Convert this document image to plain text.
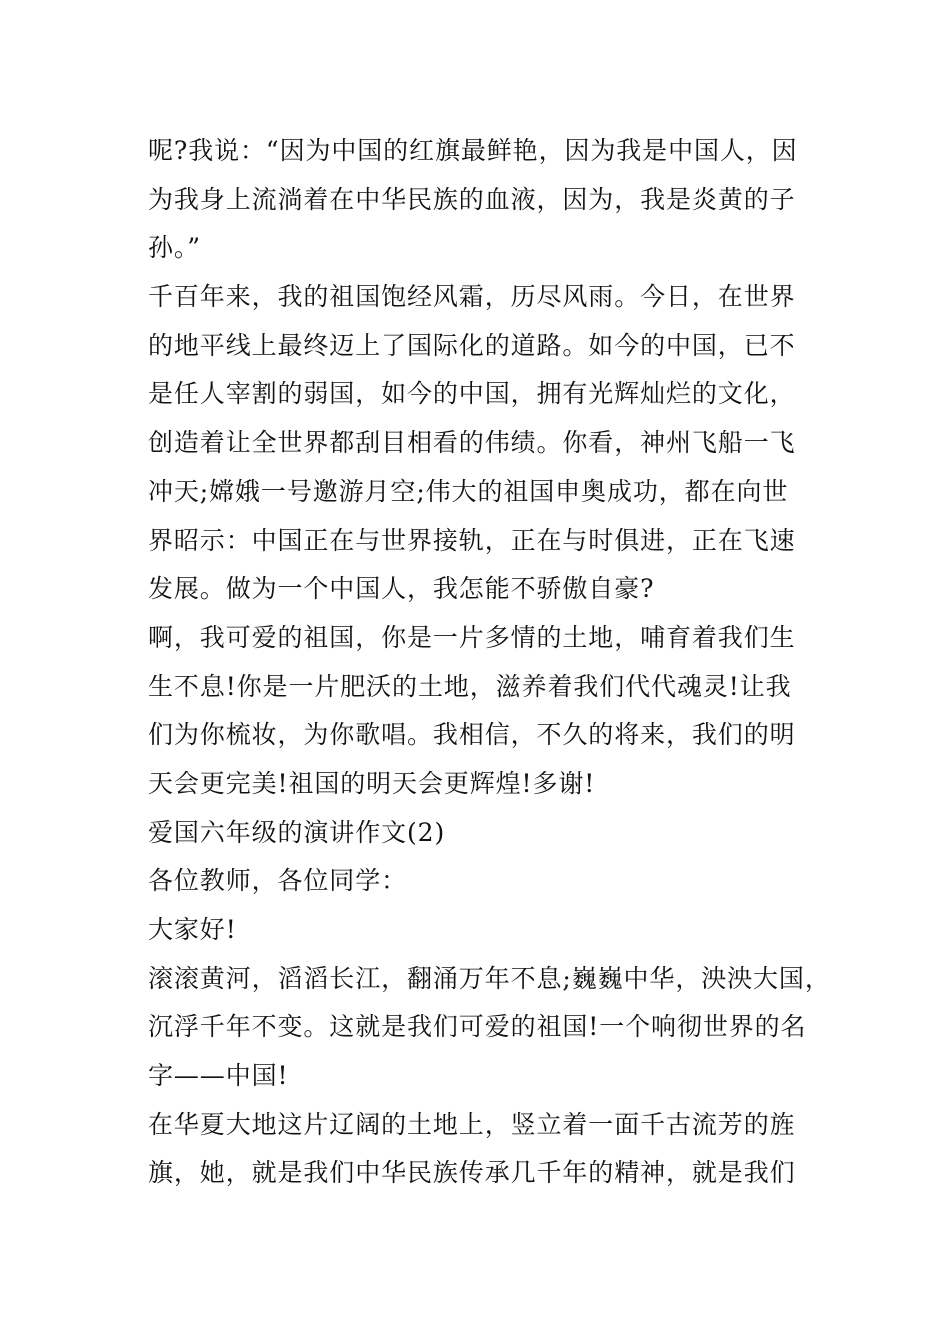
呢?我说：“因为中国的红旗最鲜艳，因为我是中国人，因
为我身上流淌着在中华民族的血液，因为，我是炎黄的子
孙。”
千百年来，我的祖国饱经风霜，历尽风雨。今日，在世界
的地平线上最终迈上了国际化的道路。如今的中国，已不
是任人宰割的弱国，如今的中国，拥有光辉灿烂的文化，
创造着让全世界都刮目相看的伟绩。你看，神州飞船一飞
冲天;嫦娥一号邀游月空;伟大的祖国申奥成功，都在向世
界昭示：中国正在与世界接轨，正在与时俱进，正在飞速
发展。做为一个中国人，我怎能不骄傲自豪?
啊，我可爱的祖国，你是一片多情的土地，哺育着我们生
生不息!你是一片肥沃的土地，滋养着我们代代魂灵!让我
们为你梳妆，为你歌唱。我相信，不久的将来，我们的明
天会更完美!祖国的明天会更辉煌!多谢!
爱国六年级的演讲作文(2)
各位教师，各位同学：
大家好!
滚滚黄河，滔滔长江，翻涌万年不息;巍巍中华，泱泱大国，
沉浮千年不变。这就是我们可爱的祖国!一个响彻世界的名
字——中国!
在华夏大地这片辽阔的土地上，竖立着一面千古流芳的旌
旗，她，就是我们中华民族传承几千年的精神，就是我们
